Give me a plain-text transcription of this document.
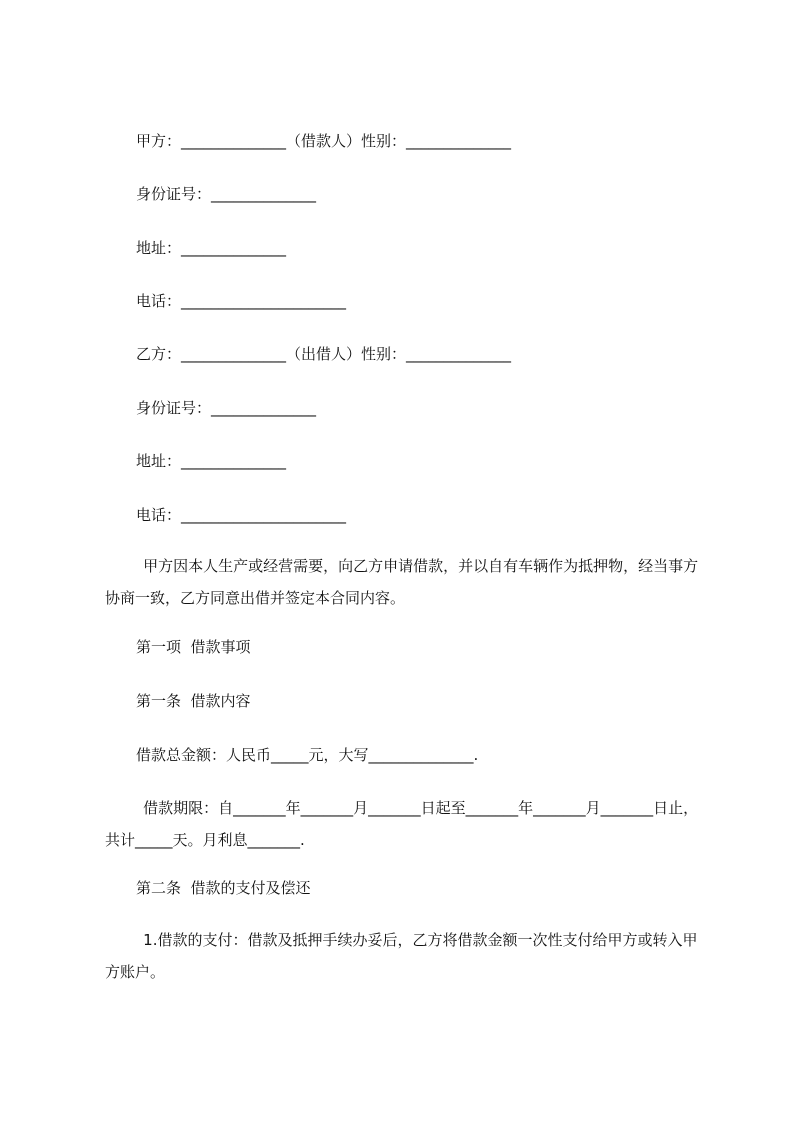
甲方：______________（借款人）性别：______________
身份证号：______________
地址：______________
电话：______________________
乙方：______________（出借人）性别：______________
身份证号：______________
地址：______________
电话：______________________
甲方因本人生产或经营需要，向乙方申请借款，并以自有车辆作为抵押物，经当事方协商一致，乙方同意出借并签定本合同内容。
第一项  借款事项
第一条  借款内容
借款总金额：人民币_____元，大写______________.
借款期限：自_______年_______月_______日起至_______年_______月_______日止，共计_____天。月利息_______.
第二条  借款的支付及偿还
1.借款的支付：借款及抵押手续办妥后，乙方将借款金额一次性支付给甲方或转入甲方账户。
